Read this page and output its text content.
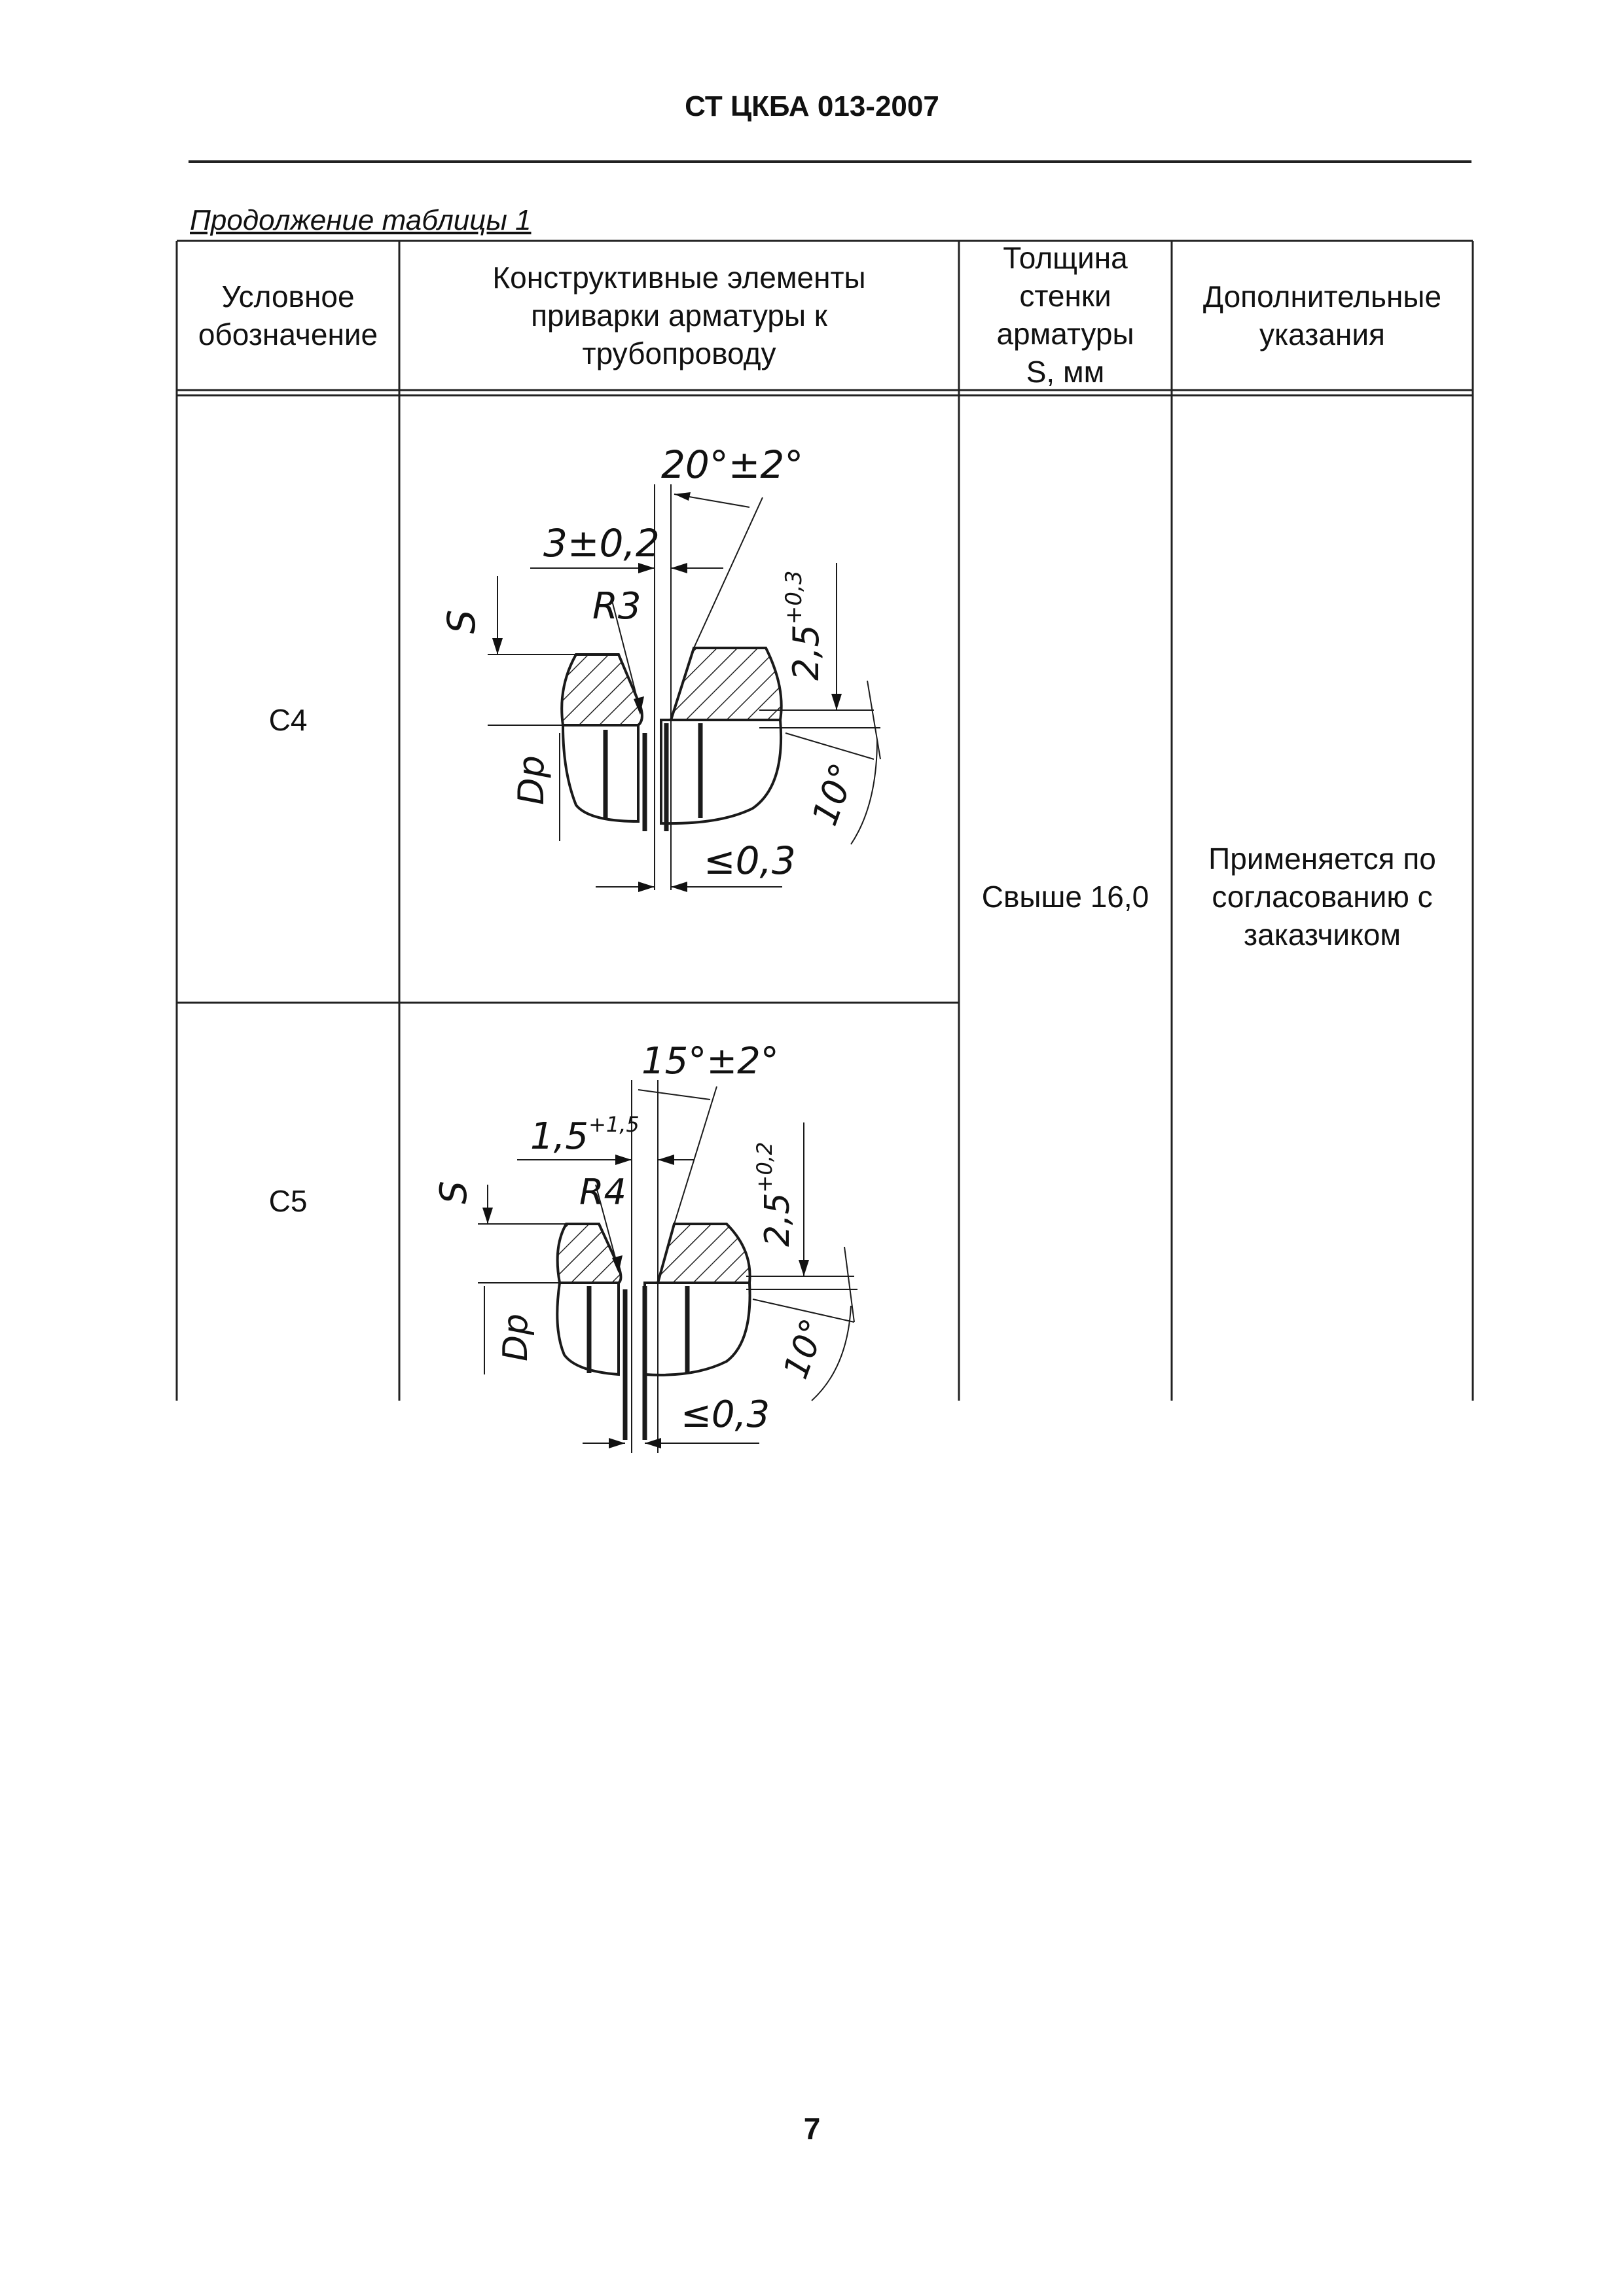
СТ ЦКБА 013-2007
Продолжение таблицы 1
Условное обозначение
Конструктивные элементы приварки арматуры к трубопроводу
Толщина стенки арматуры S, мм
Дополнительные указания
С4
С5
Свыше 16,0
Применяется по согласованию с заказчиком
20°±2°
3±0,2
R3
S
$2,5^{+0,3}$
10°
Dр
≤0,3
15°±2°
$1,5^{+1,5}$
R4
S
$2,5^{+0,2}$
10°
Dр
≤0,3
7
